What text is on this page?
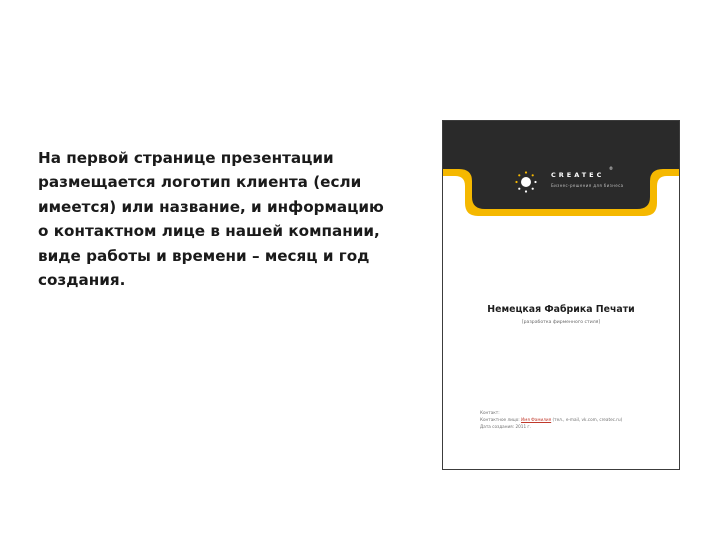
На первой странице презентации
размещается логотип клиента (если
имеется) или название, и информацию
о контактном лице в нашей компании,
виде работы и времени – месяц и год
создания.

CREATEC
®
Бизнес-решения для бизнеса
Немецкая Фабрика Печати
[разработка фирменного стиля]
Контакт:
Контактное лицо: Имя Фамилия (тел., e-mail, vk.com, createc.ru)
Дата создания: 2011 г.
